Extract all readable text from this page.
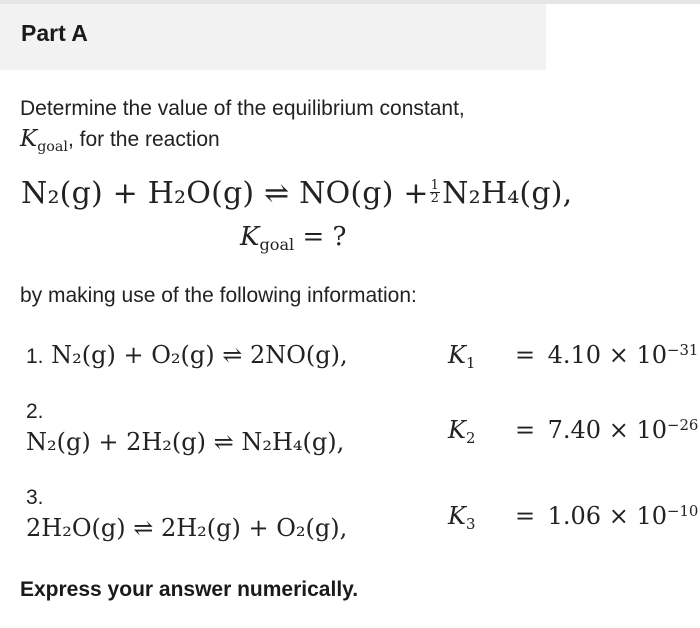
Part A
Determine the value of the equilibrium constant,
Kgoal, for the reaction
N₂(g) + H₂O(g) ⇌ $NO(g) + \frac{1}{2} N_2H_4(g)$,
Kgoal = ?
by making use of the following information:
1. N₂(g) + O₂(g) ⇌ 2NO(g),	$K1 = 4.10 \times 10^{-31}$
2.
N₂(g) + 2H₂(g) ⇌ N₂H₄(g),	$K2 = 7.40 \times 10^{-26}$
3.
2H₂O(g) ⇌ 2H₂(g) + O₂(g),	$K3 = 1.06 \times 10^{-10}$
Express your answer numerically.
